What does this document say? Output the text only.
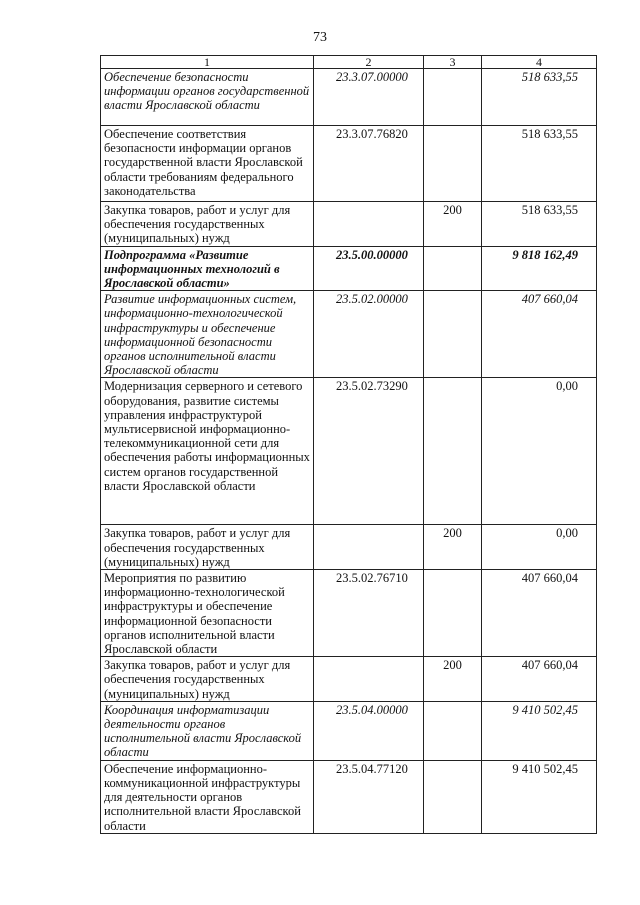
73
1	2	3	4
Обеспечение безопасности информации органов государственной власти Ярославской области	23.3.07.00000		518 633,55
Обеспечение соответствия безопасности информации органов государственной власти Ярославской области требованиям федерального законодательства	23.3.07.76820		518 633,55
Закупка товаров, работ и услуг для обеспечения государственных (муниципальных) нужд		200	518 633,55
Подпрограмма «Развитие информационных технологий в Ярославской области»	23.5.00.00000		9 818 162,49
Развитие информационных систем, информационно-технологической инфраструктуры и обеспечение информационной безопасности органов исполнительной власти Ярославской области	23.5.02.00000		407 660,04
Модернизация серверного и сетевого оборудования, развитие системы управления инфраструктурой мультисервисной информационно-телекоммуникационной сети для обеспечения работы информационных систем органов государственной власти Ярославской области	23.5.02.73290		0,00
Закупка товаров, работ и услуг для обеспечения государственных (муниципальных) нужд		200	0,00
Мероприятия по развитию информационно-технологической инфраструктуры и обеспечение информационной безопасности органов исполнительной власти Ярославской области	23.5.02.76710		407 660,04
Закупка товаров, работ и услуг для обеспечения государственных (муниципальных) нужд		200	407 660,04
Координация информатизации деятельности органов исполнительной власти Ярославской области	23.5.04.00000		9 410 502,45
Обеспечение информационно-коммуникационной инфраструктуры для деятельности органов исполнительной власти Ярославской области	23.5.04.77120		9 410 502,45
